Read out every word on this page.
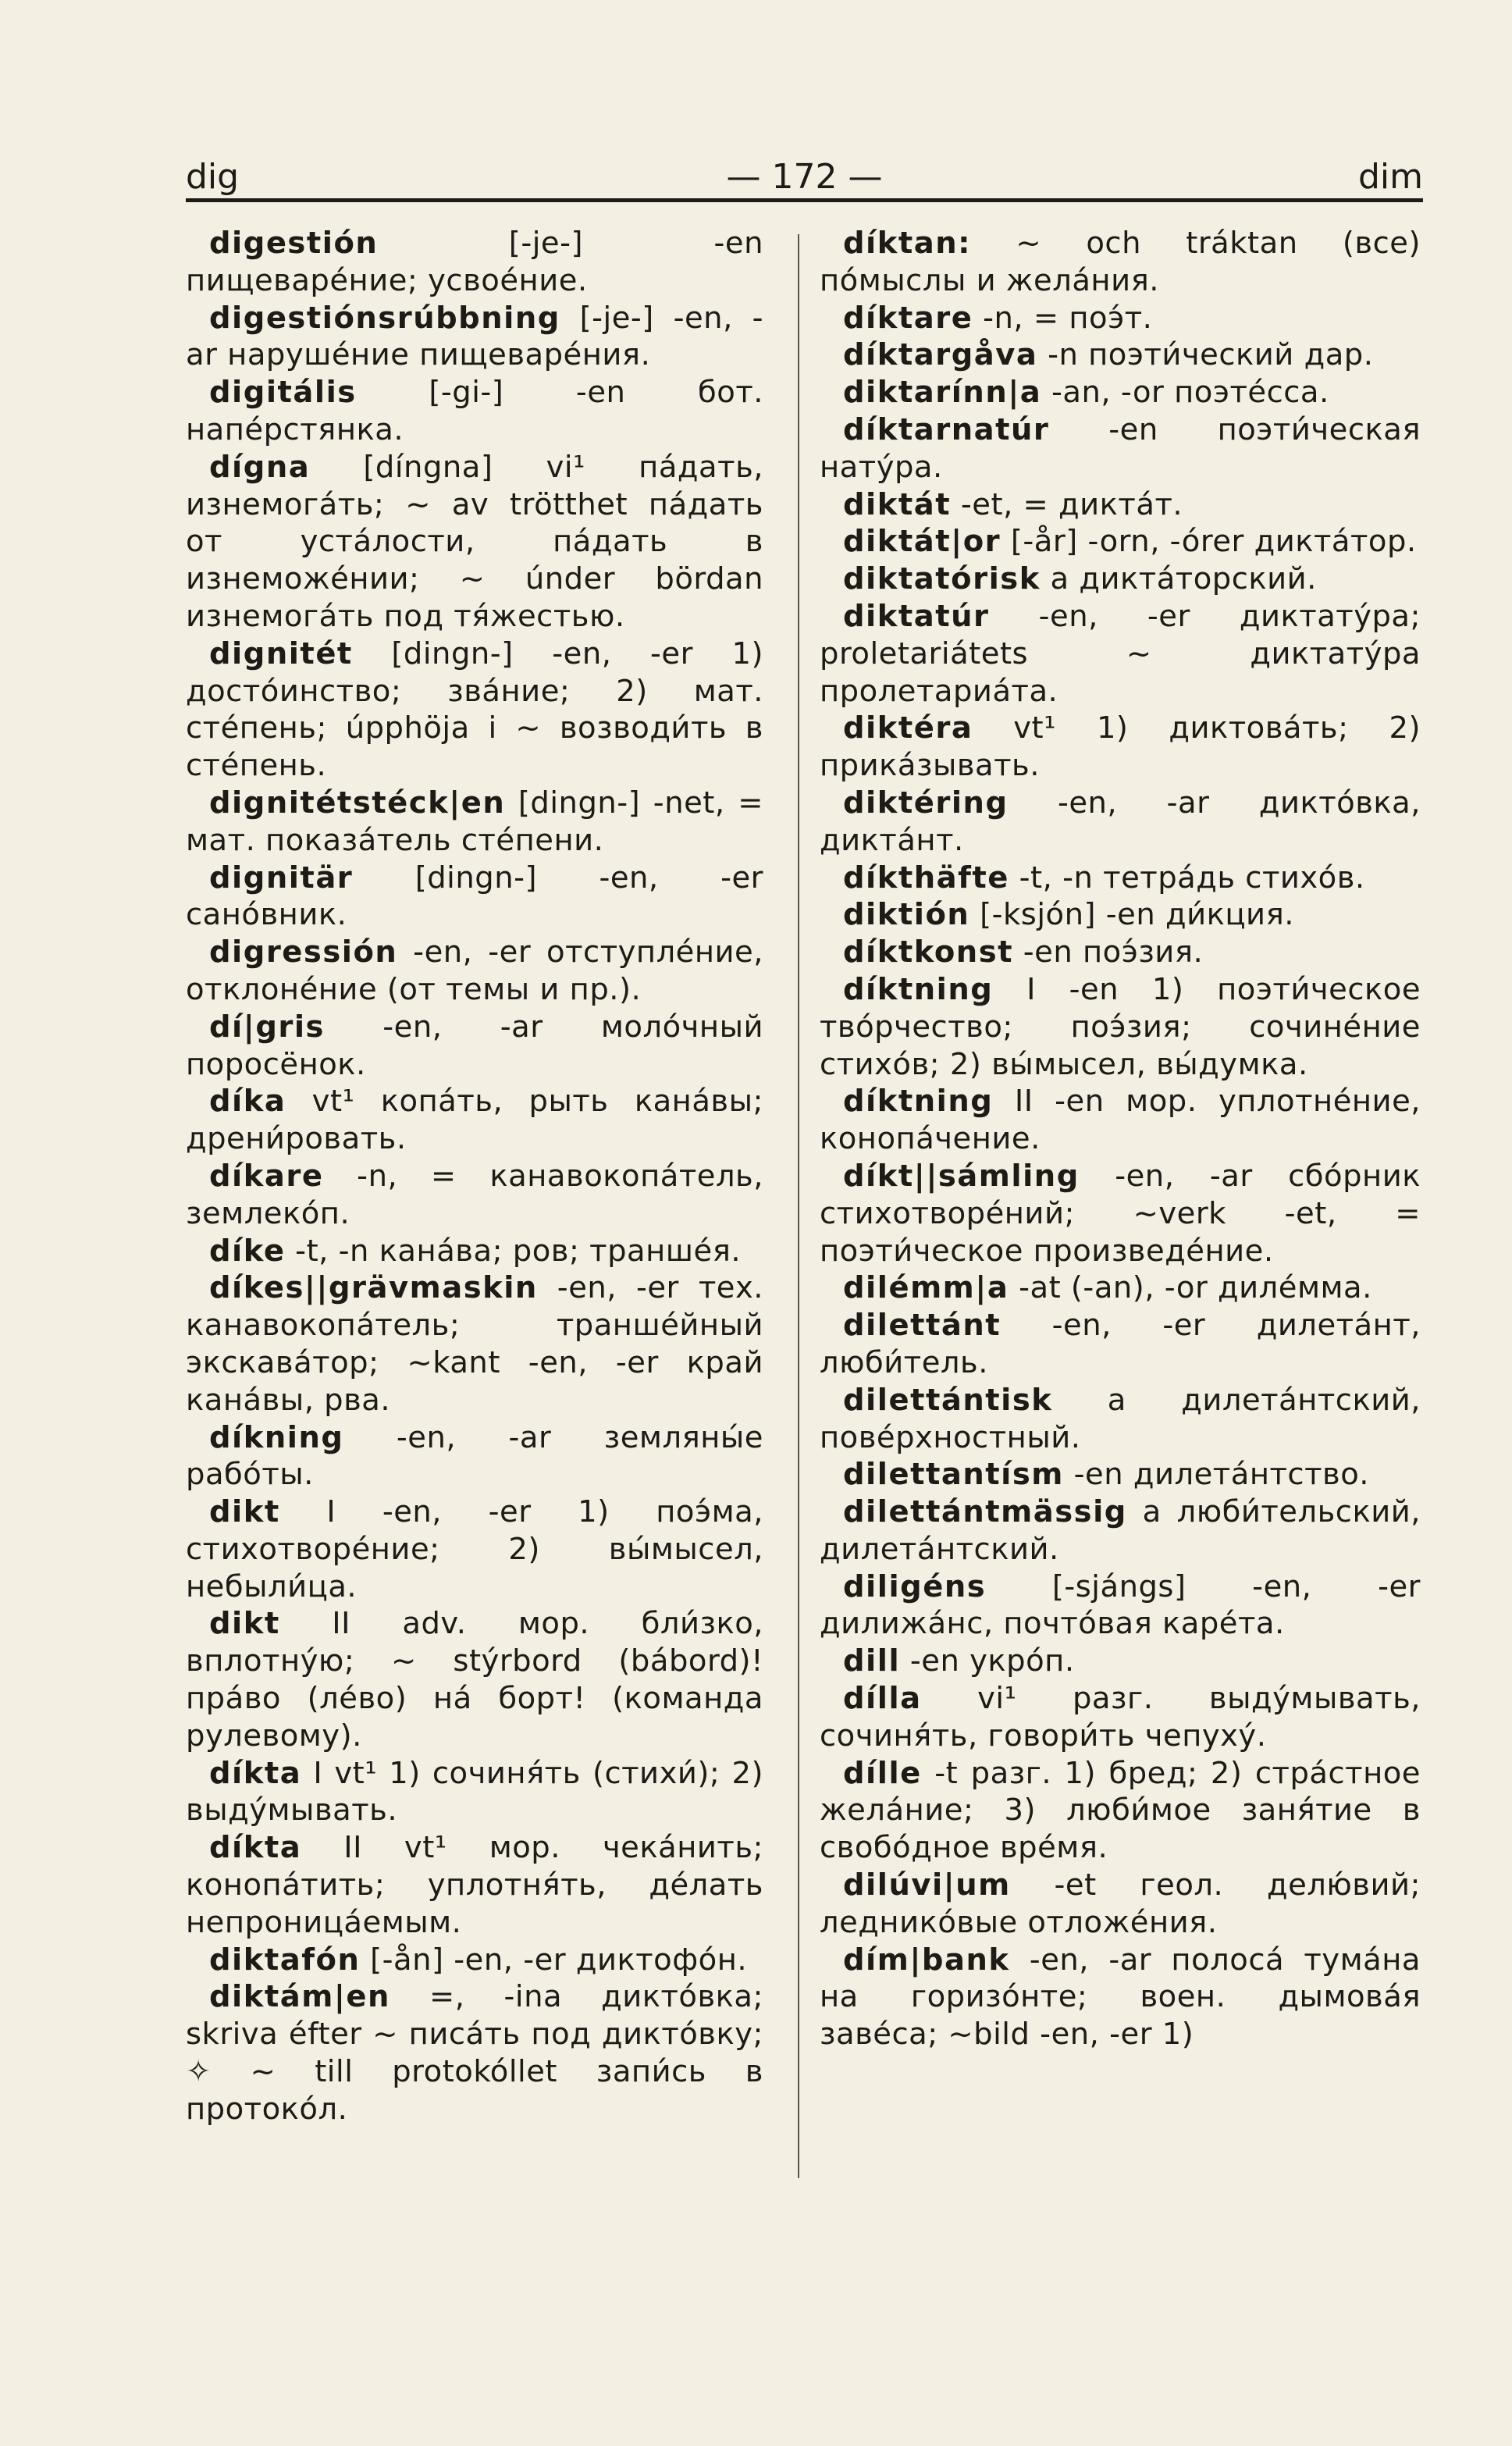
dig	— 172 —	dim

digestión [-je-] -en пищеваре́ние; усвое́ние.

digestiónsrúbbning [-je-] -en, -ar наруше́ние пищеваре́ния.

digitális [-gi-] -en бот. напе́рстянка.

dígna [díngna] vi¹ па́дать, изнемога́ть; ~ av trötthet па́дать от уста́лости, па́дать в изнеможе́нии; ~ únder bördan изнемога́ть под тя́жестью.

dignitét [dingn-] -en, -er 1) досто́инство; зва́ние; 2) мат. сте́пень; úpphöja i ~ возводи́ть в сте́пень.

dignitétstéck|en [dingn-] -net, = мат. показа́тель сте́пени.

dignitär [dingn-] -en, -er сано́вник.

digressión -en, -er отступле́ние, отклоне́ние (от темы и пр.).

dí|gris -en, -ar моло́чный поросёнок.

díka vt¹ копа́ть, рыть кана́вы; дрени́ровать.

díkare -n, = канавокопа́тель, землеко́п.

díke -t, -n кана́ва; ров; транше́я.

díkes||grävmaskin -en, -er тех. канавокопа́тель; транше́йный экскава́тор; ~kant -en, -er край кана́вы, рва.

díkning -en, -ar земляны́е рабо́ты.

dikt I -en, -er 1) поэ́ма, стихотворе́ние; 2) вы́мысел, небыли́ца.

dikt II adv. мор. бли́зко, вплотну́ю; ~ stýrbord (bábord)! пра́во (ле́во) на́ борт! (команда рулевому).

díkta I vt¹ 1) сочиня́ть (стихи́); 2) выду́мывать.

díkta II vt¹ мор. чека́нить; конопа́тить; уплотня́ть, де́лать непроница́емым.

diktafón [-ån] -en, -er диктофо́н.

diktám|en =, -ina дикто́вка; skriva éfter ~ писа́ть под дикто́вку; ✧ ~ till protokóllet запи́сь в протоко́л.

díktan: ~ och tráktan (все) по́мыслы и жела́ния.

díktare -n, = поэ́т.

díktargåva -n поэти́ческий дар.

diktarínn|a -an, -or поэте́сса.

díktarnatúr -en поэти́ческая нату́ра.

diktát -et, = дикта́т.

diktát|or [-år] -orn, -órer дикта́тор.

diktatórisk a дикта́торский.

diktatúr -en, -er диктату́ра; proletariátets ~ диктату́ра пролетариа́та.

diktéra vt¹ 1) диктова́ть; 2) прика́зывать.

diktéring -en, -ar дикто́вка, дикта́нт.

díkthäfte -t, -n тетра́дь стихо́в.

diktión [-ksjón] -en ди́кция.

díktkonst -en поэ́зия.

díktning I -en 1) поэти́ческое тво́рчество; поэ́зия; сочине́ние стихо́в; 2) вы́мысел, вы́думка.

díktning II -en мор. уплотне́ние, конопа́чение.

díkt||sámling -en, -ar сбо́рник стихотворе́ний; ~verk -et, = поэти́ческое произведе́ние.

dilémm|a -at (-an), -or диле́мма.

dilettánt -en, -er дилета́нт, люби́тель.

dilettántisk a дилета́нтский, пове́рхностный.

dilettantísm -en дилета́нтство.

dilettántmässig a люби́тельский, дилета́нтский.

diligéns [-sjángs] -en, -er дилижа́нс, почто́вая каре́та.

dill -en укро́п.

dílla vi¹ разг. выду́мывать, сочиня́ть, говори́ть чепуху́.

dílle -t разг. 1) бред; 2) стра́стное жела́ние; 3) люби́мое заня́тие в свобо́дное вре́мя.

dilúvi|um -et геол. делю́вий; леднико́вые отложе́ния.

dím|bank -en, -ar полоса́ тума́на на горизо́нте; воен. дымова́я заве́са; ~bild -en, -er 1)
